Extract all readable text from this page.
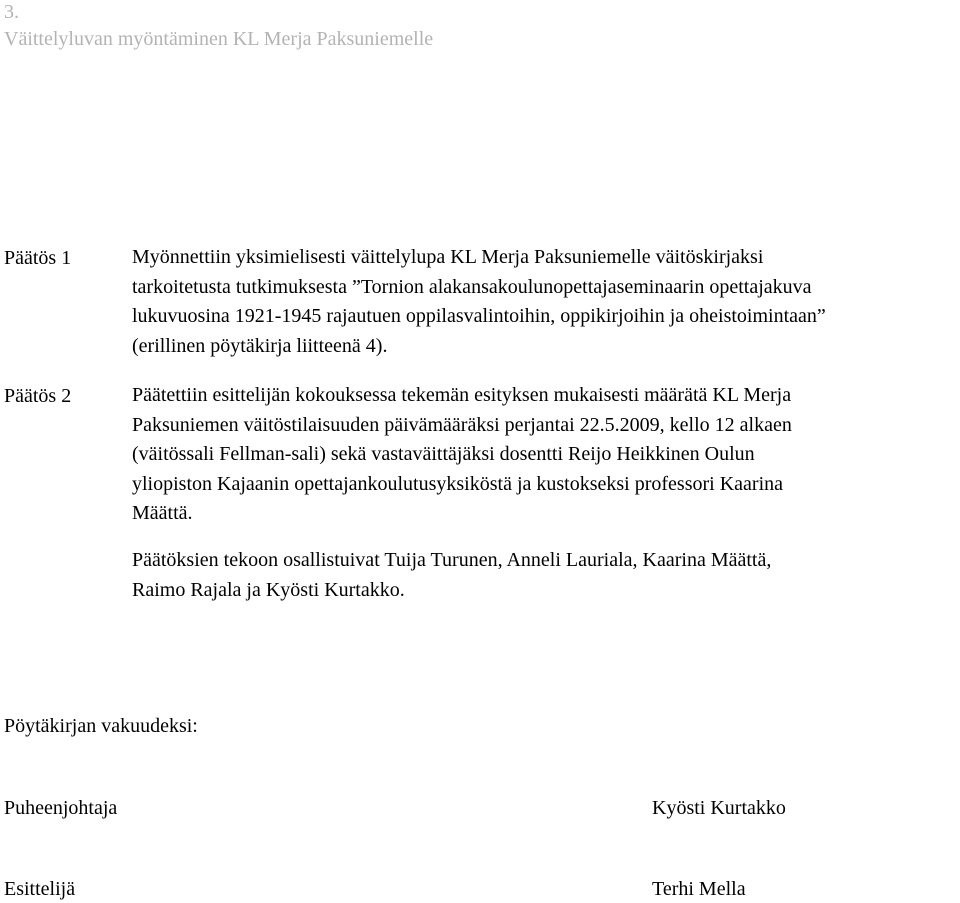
3.
Väittelyluvan myöntäminen KL Merja Paksuniemelle
Päätös 1	Myönnettiin yksimielisesti väittelylupa KL Merja Paksuniemelle väitöskirjaksi
tarkoitetusta tutkimuksesta ”Tornion alakansakoulunopettajaseminaarin opettajakuva
lukuvuosina 1921-1945 rajautuen oppilasvalintoihin, oppikirjoihin ja oheistoimintaan”
(erillinen pöytäkirja liitteenä 4).
Päätös 2	Päätettiin esittelijän kokouksessa tekemän esityksen mukaisesti määrätä KL Merja
Paksuniemen väitöstilaisuuden päivämääräksi perjantai 22.5.2009, kello 12 alkaen
(väitössali Fellman-sali) sekä vastaväittäjäksi dosentti Reijo Heikkinen Oulun
yliopiston Kajaanin opettajankoulutusyksiköstä ja kustokseksi professori Kaarina
Määttä.
Päätöksien tekoon osallistuivat Tuija Turunen, Anneli Lauriala, Kaarina Määttä,
Raimo Rajala ja Kyösti Kurtakko.
Pöytäkirjan vakuudeksi:
Puheenjohtaja	Kyösti Kurtakko
Esittelijä	Terhi Mella
